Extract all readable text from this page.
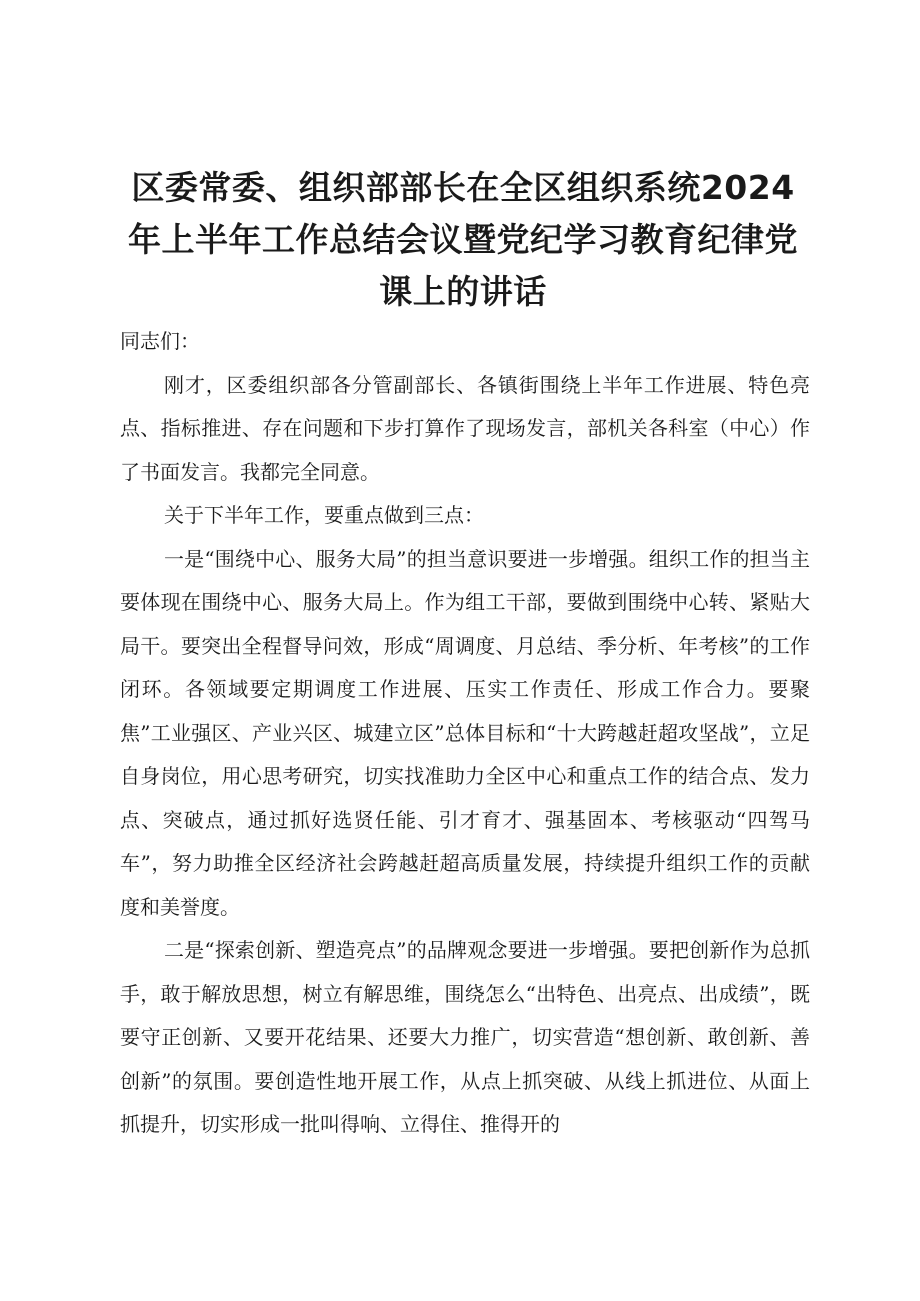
区委常委、组织部部长在全区组织系统2024年上半年工作总结会议暨党纪学习教育纪律党课上的讲话

同志们：

刚才，区委组织部各分管副部长、各镇街围绕上半年工作进展、特色亮点、指标推进、存在问题和下步打算作了现场发言，部机关各科室（中心）作了书面发言。我都完全同意。

关于下半年工作，要重点做到三点：

一是“围绕中心、服务大局”的担当意识要进一步增强。组织工作的担当主要体现在围绕中心、服务大局上。作为组工干部，要做到围绕中心转、紧贴大局干。要突出全程督导问效，形成“周调度、月总结、季分析、年考核”的工作闭环。各领域要定期调度工作进展、压实工作责任、形成工作合力。要聚焦”工业强区、产业兴区、城建立区”总体目标和“十大跨越赶超攻坚战”，立足自身岗位，用心思考研究，切实找准助力全区中心和重点工作的结合点、发力点、突破点，通过抓好选贤任能、引才育才、强基固本、考核驱动“四驾马车”，努力助推全区经济社会跨越赶超高质量发展，持续提升组织工作的贡献度和美誉度。

二是“探索创新、塑造亮点”的品牌观念要进一步增强。要把创新作为总抓手，敢于解放思想，树立有解思维，围绕怎么“出特色、出亮点、出成绩”，既要守正创新、又要开花结果、还要大力推广，切实营造“想创新、敢创新、善创新”的氛围。要创造性地开展工作，从点上抓突破、从线上抓进位、从面上抓提升，切实形成一批叫得响、立得住、推得开的
